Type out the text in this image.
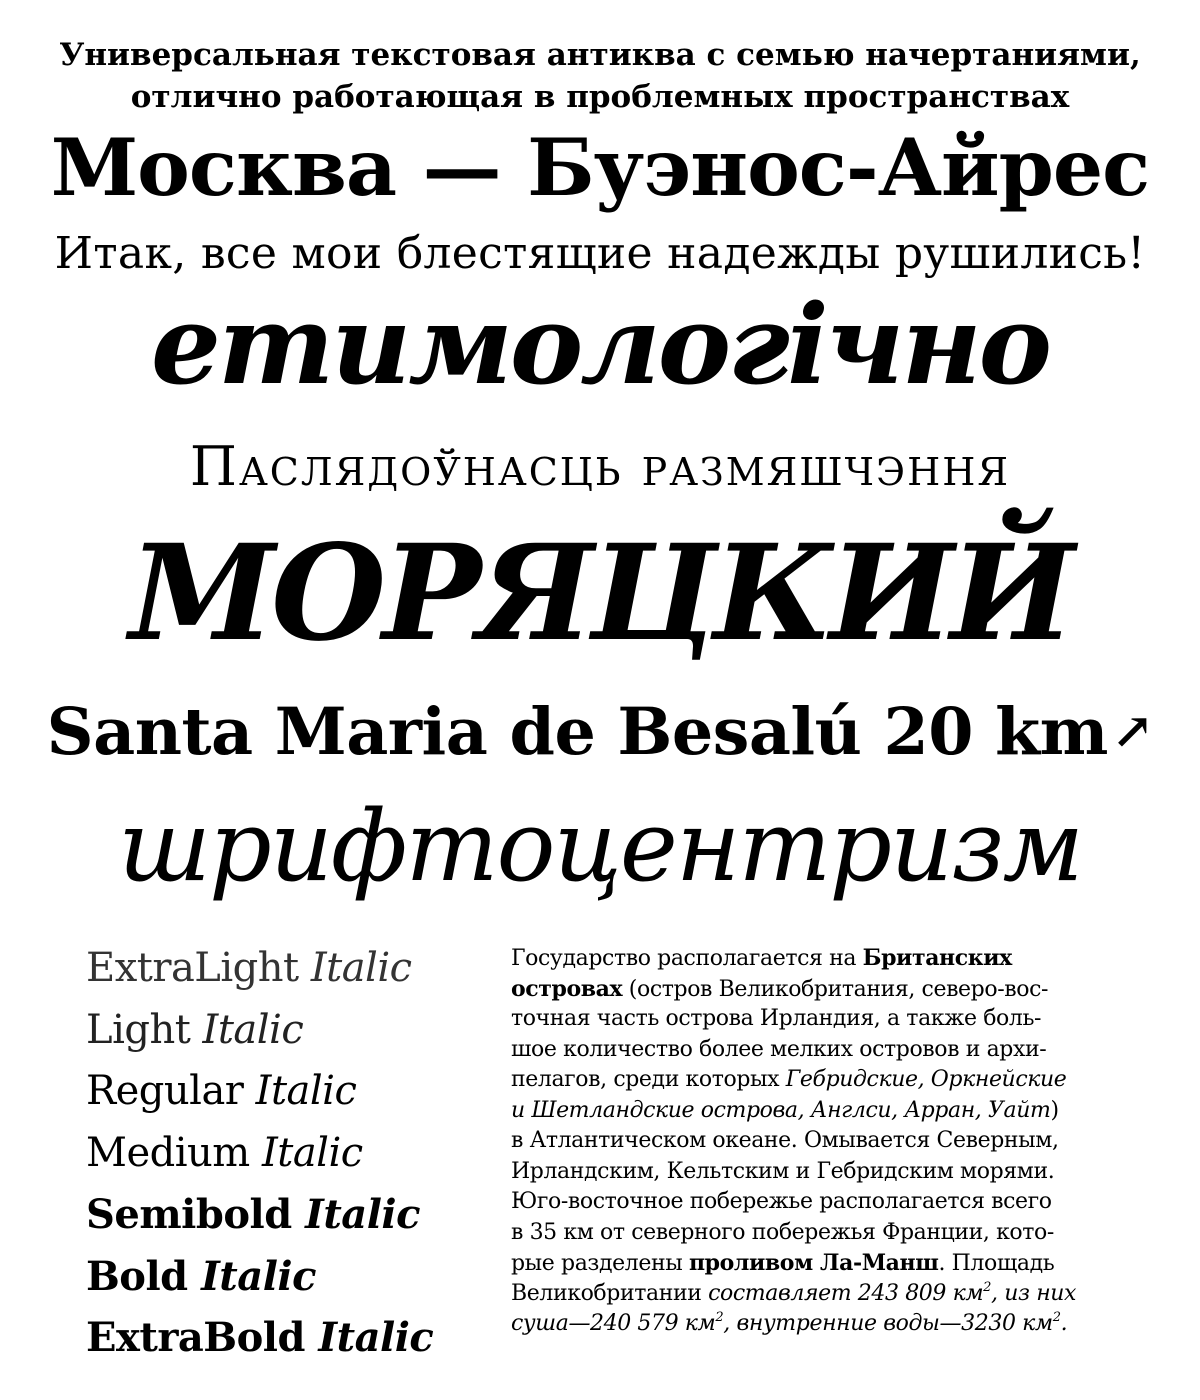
Универсальная текстовая антиква с семью начертаниями,
отлично работающая в проблемных пространствах
Москва — Буэнос-Айрес
Итак, все мои блестящие надежды рушились!
етимологічно
Паслядоўнасць размяшчэння
МОРЯЦКИЙ
Santa Maria de Besalú 20 km↗
шрифтоцентризм
ExtraLight Italic
Light Italic
Regular Italic
Medium Italic
Semibold Italic
Bold Italic
ExtraBold Italic
Государство располагается на Британских
островах (остров Великобритания, северо-вос-
точная часть острова Ирландия, а также боль-
шое количество более мелких островов и архи-
пелагов, среди которых Гебридские, Оркнейские
и Шетландские острова, Англси, Арран, Уайт)
в Атлантическом океане. Омывается Северным,
Ирландским, Кельтским и Гебридским морями.
Юго-восточное побережье располагается всего
в 35 км от северного побережья Франции, кото-
рые разделены проливом Ла-Манш. Площадь
Великобритании составляет 243 809 $км^2$, из них
суша—240 579 $км^2$, внутренние воды—3230 $км^2$.
